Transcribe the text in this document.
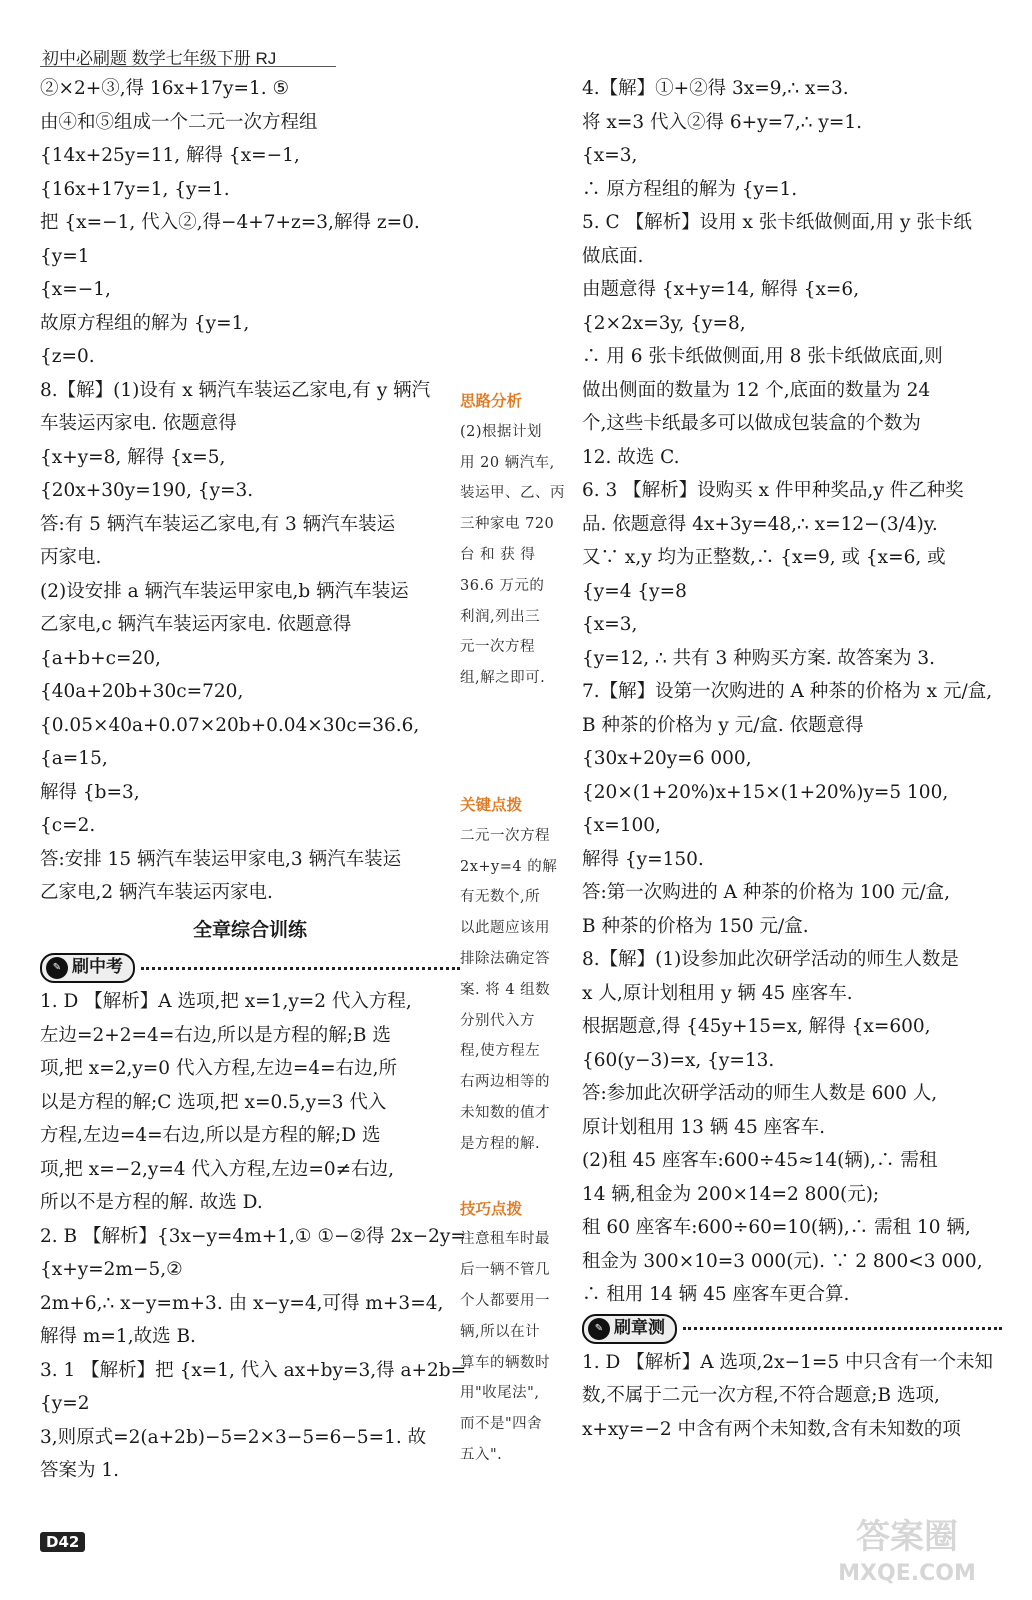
初中必刷题 数学七年级下册 RJ
②×2+③,得 16x+17y=1. ⑤
由④和⑤组成一个二元一次方程组
{14x+25y=11, 解得 {x=−1,
{16x+17y=1, {y=1.
把 {x=−1, 代入②,得−4+7+z=3,解得 z=0.
{y=1
{x=−1,
故原方程组的解为 {y=1,
{z=0.
8.【解】(1)设有 x 辆汽车装运乙家电,有 y 辆汽
车装运丙家电. 依题意得
{x+y=8, 解得 {x=5,
{20x+30y=190, {y=3.
答:有 5 辆汽车装运乙家电,有 3 辆汽车装运
丙家电.
(2)设安排 a 辆汽车装运甲家电,b 辆汽车装运
乙家电,c 辆汽车装运丙家电. 依题意得
{a+b+c=20,
{40a+20b+30c=720,
{0.05×40a+0.07×20b+0.04×30c=36.6,
{a=15,
解得 {b=3,
{c=2.
答:安排 15 辆汽车装运甲家电,3 辆汽车装运
乙家电,2 辆汽车装运丙家电.
全章综合训练
✎ 刷中考
1. D 【解析】A 选项,把 x=1,y=2 代入方程,
左边=2+2=4=右边,所以是方程的解;B 选
项,把 x=2,y=0 代入方程,左边=4=右边,所
以是方程的解;C 选项,把 x=0.5,y=3 代入
方程,左边=4=右边,所以是方程的解;D 选
项,把 x=−2,y=4 代入方程,左边=0≠右边,
所以不是方程的解. 故选 D.
2. B 【解析】{3x−y=4m+1,① ①−②得 2x−2y=
{x+y=2m−5,②
2m+6,∴ x−y=m+3. 由 x−y=4,可得 m+3=4,
解得 m=1,故选 B.
3. 1 【解析】把 {x=1, 代入 ax+by=3,得 a+2b=
{y=2
3,则原式=2(a+2b)−5=2×3−5=6−5=1. 故
答案为 1.
思路分析
(2)根据计划
用 20 辆汽车,
装运甲、乙、丙
三种家电 720
台 和 获 得
36.6 万元的
利润,列出三
元一次方程
组,解之即可.
关键点拨
二元一次方程
2x+y=4 的解
有无数个,所
以此题应该用
排除法确定答
案. 将 4 组数
分别代入方
程,使方程左
右两边相等的
未知数的值才
是方程的解.
技巧点拨
注意租车时最
后一辆不管几
个人都要用一
辆,所以在计
算车的辆数时
用"收尾法",
而不是"四舍
五入".
4.【解】①+②得 3x=9,∴ x=3.
将 x=3 代入②得 6+y=7,∴ y=1.
{x=3,
∴ 原方程组的解为 {y=1.
5. C 【解析】设用 x 张卡纸做侧面,用 y 张卡纸
做底面.
由题意得 {x+y=14, 解得 {x=6,
{2×2x=3y, {y=8,
∴ 用 6 张卡纸做侧面,用 8 张卡纸做底面,则
做出侧面的数量为 12 个,底面的数量为 24
个,这些卡纸最多可以做成包装盒的个数为
12. 故选 C.
6. 3 【解析】设购买 x 件甲种奖品,y 件乙种奖
品. 依题意得 4x+3y=48,∴ x=12−(3/4)y.
又∵ x,y 均为正整数,∴ {x=9, 或 {x=6, 或
{y=4 {y=8
{x=3,
{y=12, ∴ 共有 3 种购买方案. 故答案为 3.
7.【解】设第一次购进的 A 种茶的价格为 x 元/盒,
B 种茶的价格为 y 元/盒. 依题意得
{30x+20y=6 000,
{20×(1+20%)x+15×(1+20%)y=5 100,
{x=100,
解得 {y=150.
答:第一次购进的 A 种茶的价格为 100 元/盒,
B 种茶的价格为 150 元/盒.
8.【解】(1)设参加此次研学活动的师生人数是
x 人,原计划租用 y 辆 45 座客车.
根据题意,得 {45y+15=x, 解得 {x=600,
{60(y−3)=x, {y=13.
答:参加此次研学活动的师生人数是 600 人,
原计划租用 13 辆 45 座客车.
(2)租 45 座客车:600÷45≈14(辆),∴ 需租
14 辆,租金为 200×14=2 800(元);
租 60 座客车:600÷60=10(辆),∴ 需租 10 辆,
租金为 300×10=3 000(元). ∵ 2 800<3 000,
∴ 租用 14 辆 45 座客车更合算.
✎ 刷章测
1. D 【解析】A 选项,2x−1=5 中只含有一个未知
数,不属于二元一次方程,不符合题意;B 选项,
x+xy=−2 中含有两个未知数,含有未知数的项
D42	答案圈
MXQE.COM
